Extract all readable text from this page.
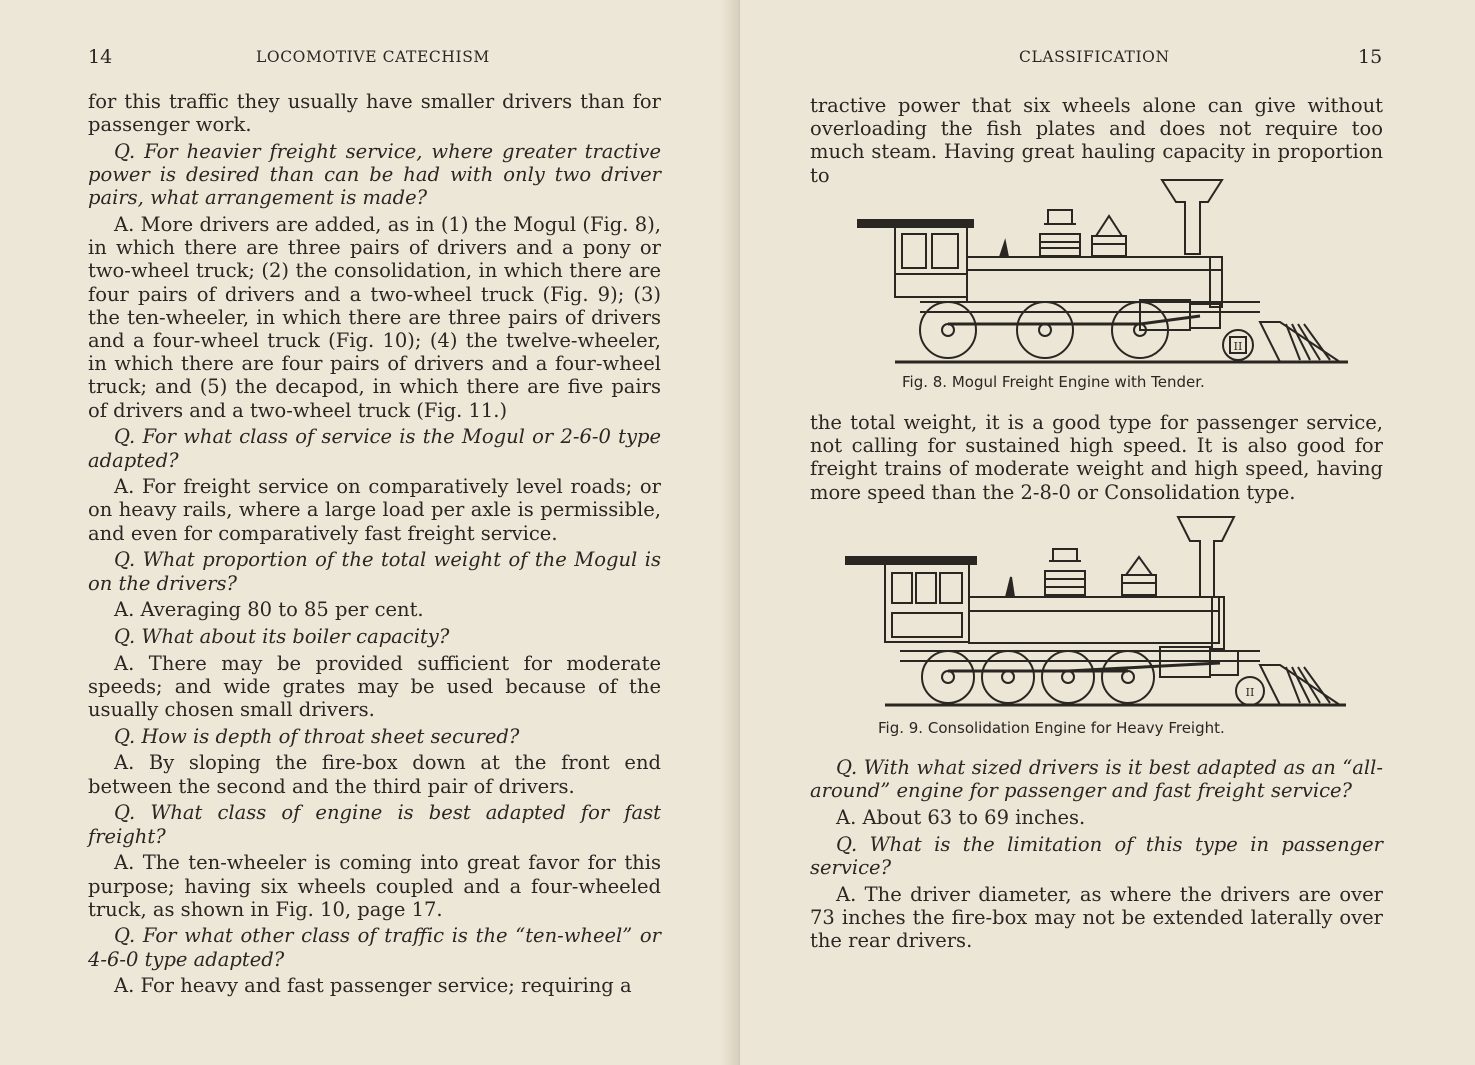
14	LOCOMOTIVE CATECHISM

for this traffic they usually have smaller drivers than for passenger work.

Q. For heavier freight service, where greater tractive power is desired than can be had with only two driver pairs, what arrangement is made?

A. More drivers are added, as in (1) the Mogul (Fig. 8), in which there are three pairs of drivers and a pony or two-wheel truck; (2) the consolidation, in which there are four pairs of drivers and a two-wheel truck (Fig. 9); (3) the ten-wheeler, in which there are three pairs of drivers and a four-wheel truck (Fig. 10); (4) the twelve-wheeler, in which there are four pairs of drivers and a four-wheel truck; and (5) the decapod, in which there are five pairs of drivers and a two-wheel truck (Fig. 11.)

Q. For what class of service is the Mogul or 2-6-0 type adapted?

A. For freight service on comparatively level roads; or on heavy rails, where a large load per axle is permissible, and even for comparatively fast freight service.

Q. What proportion of the total weight of the Mogul is on the drivers?

A. Averaging 80 to 85 per cent.

Q. What about its boiler capacity?

A. There may be provided sufficient for moderate speeds; and wide grates may be used because of the usually chosen small drivers.

Q. How is depth of throat sheet secured?

A. By sloping the fire-box down at the front end between the second and the third pair of drivers.

Q. What class of engine is best adapted for fast freight?

A. The ten-wheeler is coming into great favor for this purpose; having six wheels coupled and a four-wheeled truck, as shown in Fig. 10, page 17.

Q. For what other class of traffic is the “ten-wheel” or 4-6-0 type adapted?

A. For heavy and fast passenger service; requiring a

CLASSIFICATION	15

tractive power that six wheels alone can give without overloading the fish plates and does not require too much steam. Having great hauling capacity in proportion to

II
Fig. 8. Mogul Freight Engine with Tender.

the total weight, it is a good type for passenger service, not calling for sustained high speed. It is also good for freight trains of moderate weight and high speed, having more speed than the 2-8-0 or Consolidation type.

II
Fig. 9. Consolidation Engine for Heavy Freight.

Q. With what sized drivers is it best adapted as an “all-around” engine for passenger and fast freight service?

A. About 63 to 69 inches.

Q. What is the limitation of this type in passenger service?

A. The driver diameter, as where the drivers are over 73 inches the fire-box may not be extended laterally over the rear drivers.
